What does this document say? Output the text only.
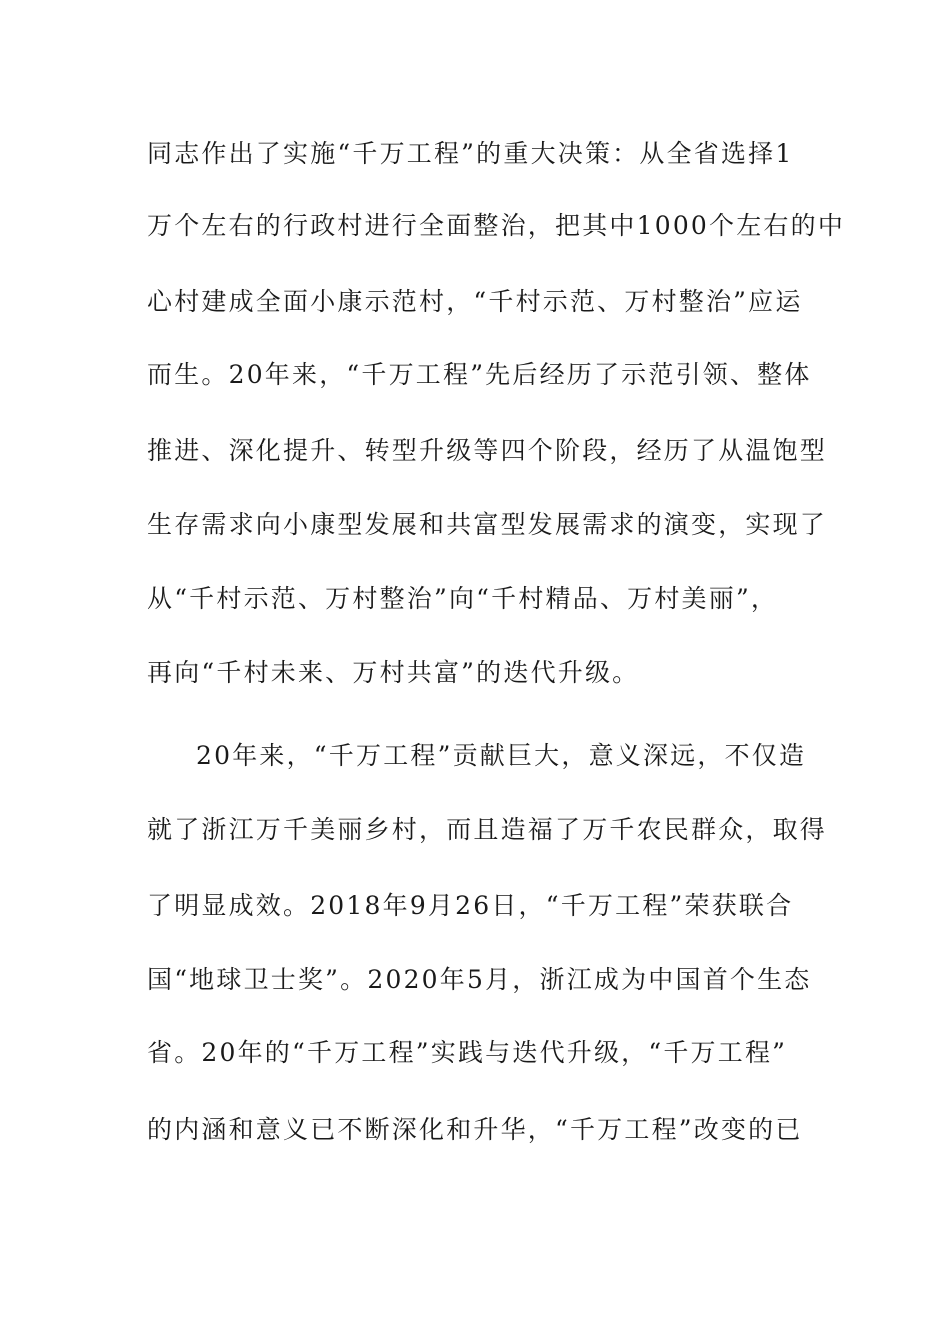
同志作出了实施“千万工程”的重大决策：从全省选择1
万个左右的行政村进行全面整治，把其中1000个左右的中
心村建成全面小康示范村，“千村示范、万村整治”应运
而生。20年来，“千万工程”先后经历了示范引领、整体
推进、深化提升、转型升级等四个阶段，经历了从温饱型
生存需求向小康型发展和共富型发展需求的演变，实现了
从“千村示范、万村整治”向“千村精品、万村美丽”，
再向“千村未来、万村共富”的迭代升级。
20年来，“千万工程”贡献巨大，意义深远，不仅造
就了浙江万千美丽乡村，而且造福了万千农民群众，取得
了明显成效。2018年9月26日，“千万工程”荣获联合
国“地球卫士奖”。2020年5月，浙江成为中国首个生态
省。20年的“千万工程”实践与迭代升级，“千万工程”
的内涵和意义已不断深化和升华，“千万工程”改变的已
